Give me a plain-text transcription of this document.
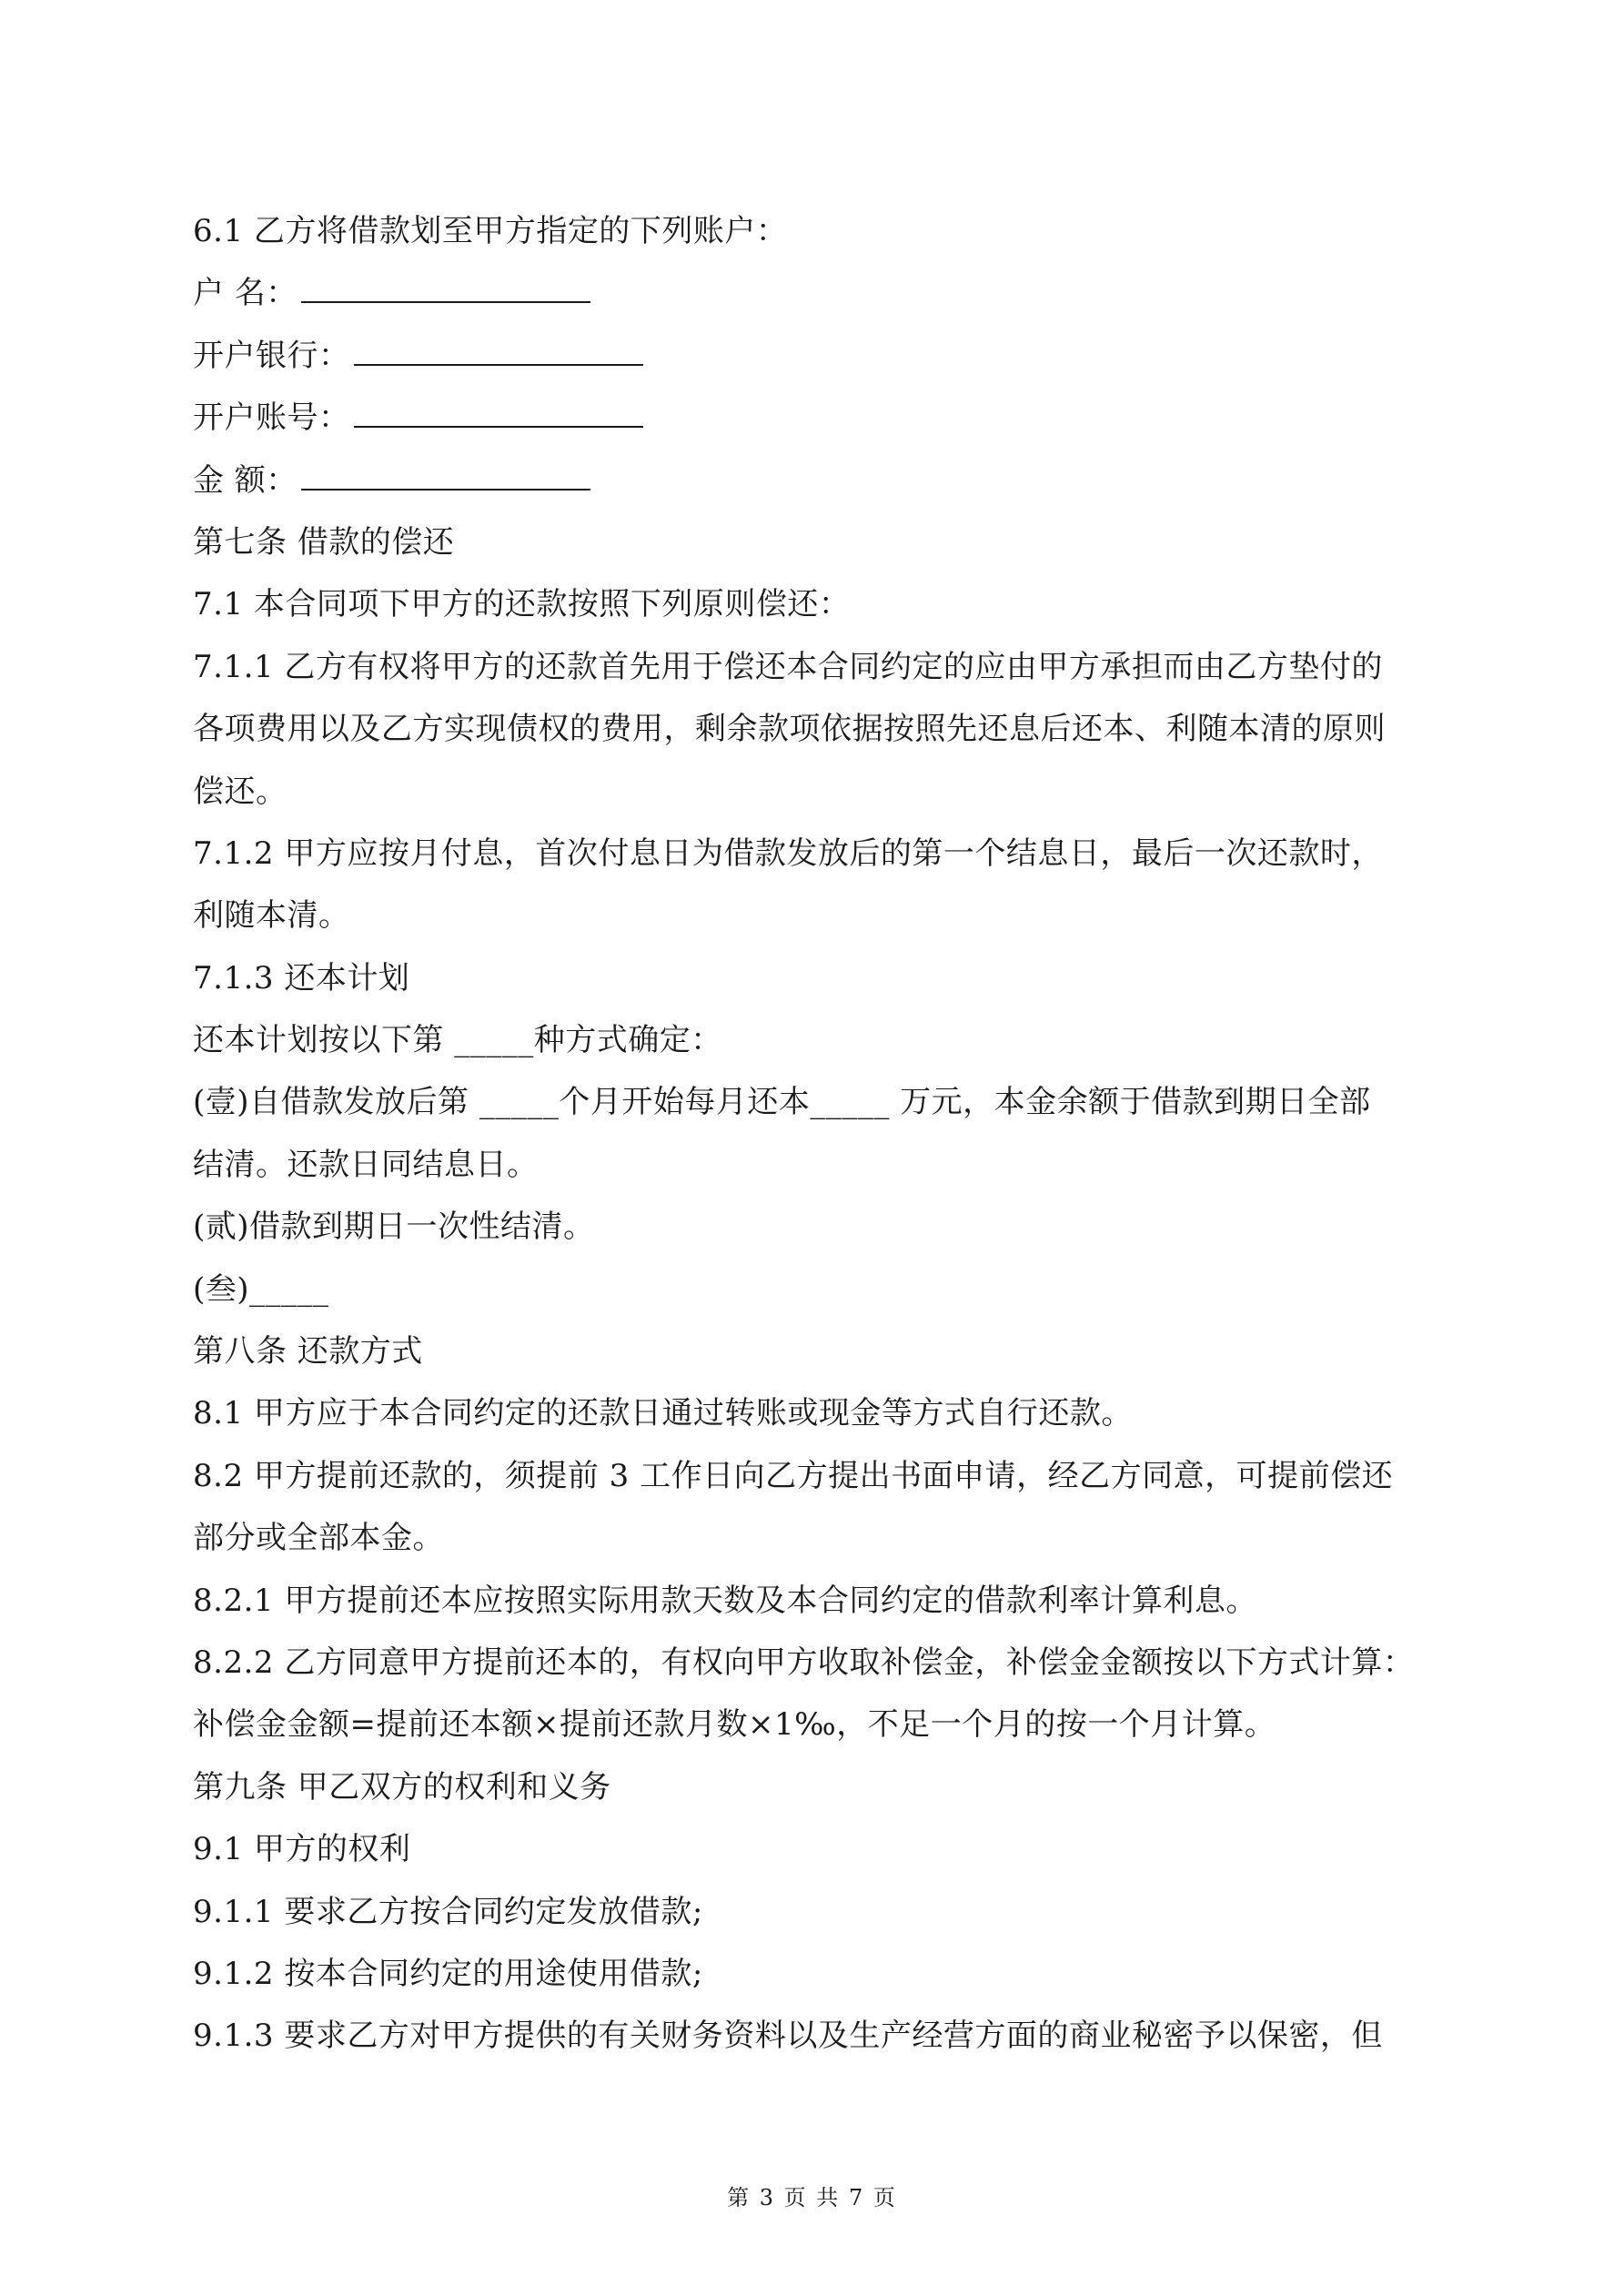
6.1 乙方将借款划至甲方指定的下列账户：
户 名：
开户银行：
开户账号：
金 额：
第七条 借款的偿还
7.1 本合同项下甲方的还款按照下列原则偿还：
7.1.1 乙方有权将甲方的还款首先用于偿还本合同约定的应由甲方承担而由乙方垫付的
各项费用以及乙方实现债权的费用，剩余款项依据按照先还息后还本、利随本清的原则
偿还。
7.1.2 甲方应按月付息，首次付息日为借款发放后的第一个结息日，最后一次还款时，
利随本清。
7.1.3 还本计划
还本计划按以下第 _____种方式确定：
(壹)自借款发放后第 _____个月开始每月还本_____ 万元，本金余额于借款到期日全部
结清。还款日同结息日。
(贰)借款到期日一次性结清。
(叁)_____
第八条 还款方式
8.1 甲方应于本合同约定的还款日通过转账或现金等方式自行还款。
8.2 甲方提前还款的，须提前 3 工作日向乙方提出书面申请，经乙方同意，可提前偿还
部分或全部本金。
8.2.1 甲方提前还本应按照实际用款天数及本合同约定的借款利率计算利息。
8.2.2 乙方同意甲方提前还本的，有权向甲方收取补偿金，补偿金金额按以下方式计算：
补偿金金额=提前还本额×提前还款月数×1‰，不足一个月的按一个月计算。
第九条 甲乙双方的权利和义务
9.1 甲方的权利
9.1.1 要求乙方按合同约定发放借款;
9.1.2 按本合同约定的用途使用借款;
9.1.3 要求乙方对甲方提供的有关财务资料以及生产经营方面的商业秘密予以保密，但
第 3 页 共 7 页
